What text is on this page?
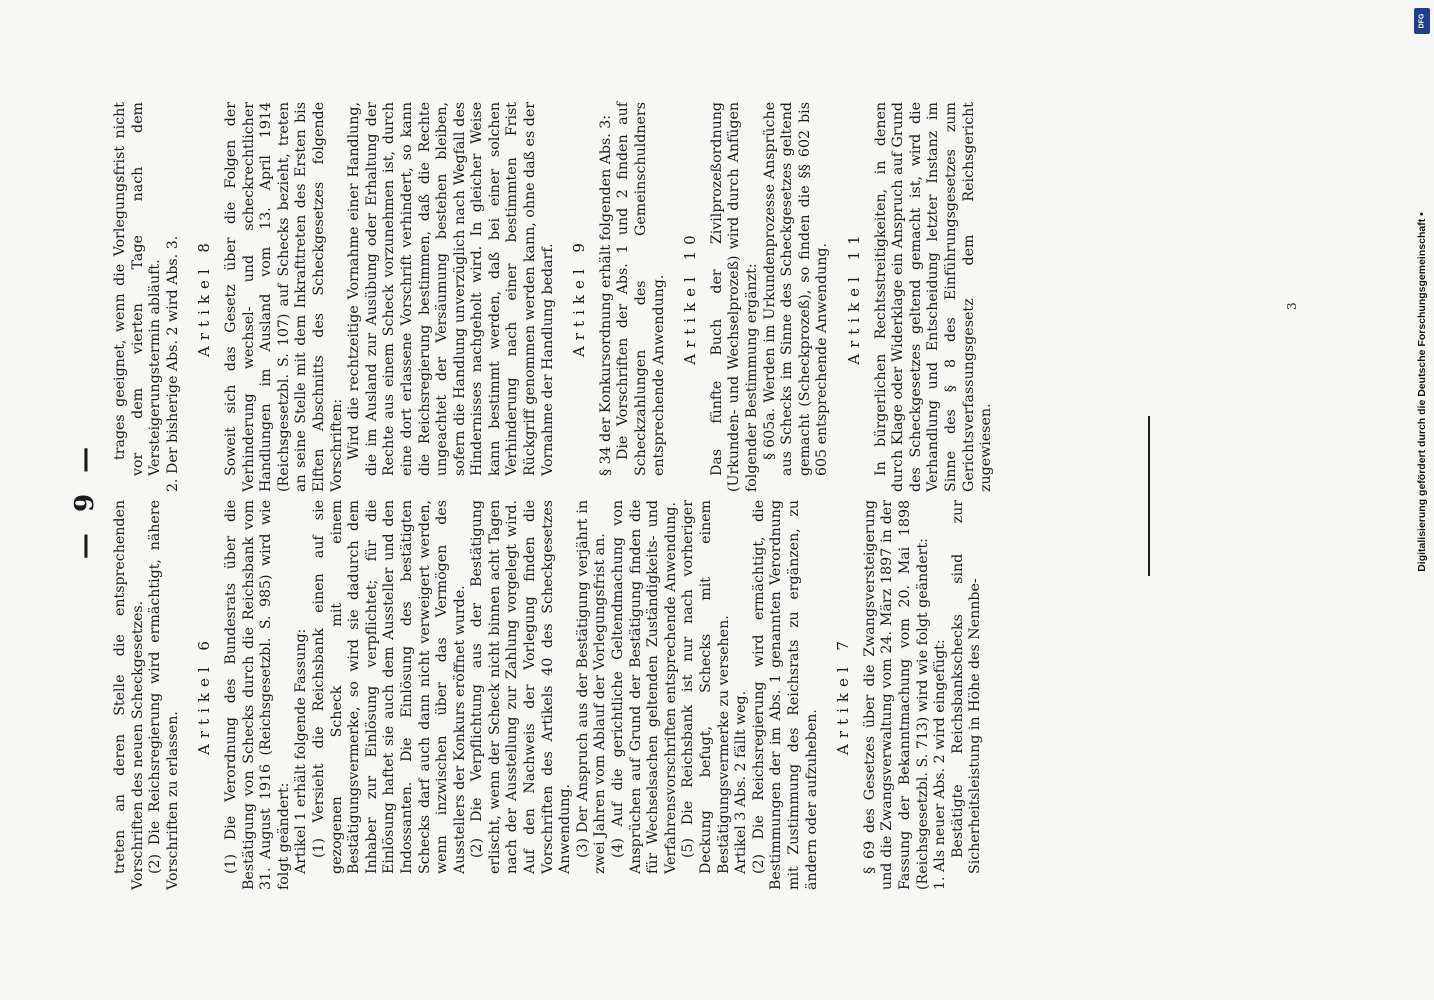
— 9 — treten an deren Stelle die entsprechenden Vorschriften des neuen Scheckgesetzes. (2) Die Reichsregierung wird ermächtigt, nähere Vorschriften zu erlassen.

Artikel 6 (1) Die Verordnung des Bundesrats über die Bestätigung von Schecks durch die Reichsbank vom 31. August 1916 (Reichsgesetzbl. S. 985) wird wie folgt geändert: Artikel 1 erhält folgende Fassung: (1) Versieht die Reichsbank einen auf sie gezogenen Scheck mit einem Bestätigungsvermerke, so wird sie dadurch dem Inhaber zur Einlösung verpflichtet; für die Einlösung haftet sie auch dem Aussteller und den Indossanten. Die Einlösung des bestätigten Schecks darf auch dann nicht verweigert werden, wenn inzwischen über das Vermögen des Ausstellers der Konkurs eröffnet wurde. (2) Die Verpflichtung aus der Bestätigung erlischt, wenn der Scheck nicht binnen acht Tagen nach der Ausstellung zur Zahlung vorgelegt wird. Auf den Nachweis der Vorlegung finden die Vorschriften des Artikels 40 des Scheckgesetzes Anwendung. (3) Der Anspruch aus der Bestätigung verjährt in zwei Jahren vom Ablauf der Vorlegungsfrist an. (4) Auf die gerichtliche Geltendmachung von Ansprüchen auf Grund der Bestätigung finden die für Wechselsachen geltenden Zuständigkeits- und Verfahrensvorschriften entsprechende Anwendung. (5) Die Reichsbank ist nur nach vorheriger Deckung befugt, Schecks mit einem Bestätigungsvermerke zu versehen. Artikel 3 Abs. 2 fällt weg. (2) Die Reichsregierung wird ermächtigt, die Bestimmungen der im Abs. 1 genannten Verordnung mit Zustimmung des Reichsrats zu ergänzen, zu ändern oder aufzuheben.

Artikel 7 § 69 des Gesetzes über die Zwangsversteigerung und die Zwangsverwaltung vom 24. März 1897 in der Fassung der Bekanntmachung vom 20. Mai 1898 (Reichsgesetzbl. S. 713) wird wie folgt geändert: 1. Als neuer Abs. 2 wird eingefügt: Bestätigte Reichsbankschecks sind zur Sicherheitsleistung in Höhe des Nennbe-

trages geeignet, wenn die Vorlegungsfrist nicht vor dem vierten Tage nach dem Versteigerungstermin abläuft. 2. Der bisherige Abs. 2 wird Abs. 3. Artikel 8 Soweit sich das Gesetz über die Folgen der Verhinderung wechsel- und scheckrechtlicher Handlungen im Ausland vom 13. April 1914 (Reichsgesetzbl. S. 107) auf Schecks bezieht, treten an seine Stelle mit dem Inkrafttreten des Ersten bis Elften Abschnitts des Scheckgesetzes folgende Vorschriften: Wird die rechtzeitige Vornahme einer Handlung, die im Ausland zur Ausübung oder Erhaltung der Rechte aus einem Scheck vorzunehmen ist, durch eine dort erlassene Vorschrift verhindert, so kann die Reichsregierung bestimmen, daß die Rechte ungeachtet der Versäumung bestehen bleiben, sofern die Handlung unverzüglich nach Wegfall des Hindernisses nachgeholt wird. In gleicher Weise kann bestimmt werden, daß bei einer solchen Verhinderung nach einer bestimmten Frist Rückgriff genommen werden kann, ohne daß es der Vornahme der Handlung bedarf. Artikel 9 § 34 der Konkursordnung erhält folgenden Abs. 3: Die Vorschriften der Abs. 1 und 2 finden auf Scheckzahlungen des Gemeinschuldners entsprechende Anwendung. Artikel 10 Das fünfte Buch der Zivilprozeßordnung (Urkunden- und Wechselprozeß) wird durch Anfügen folgender Bestimmung ergänzt: § 605a. Werden im Urkundenprozesse Ansprüche aus Schecks im Sinne des Scheckgesetzes geltend gemacht (Scheckprozeß), so finden die §§ 602 bis 605 entsprechende Anwendung. Artikel 11 In bürgerlichen Rechtsstreitigkeiten, in denen durch Klage oder Widerklage ein Anspruch auf Grund des Scheckgesetzes geltend gemacht ist, wird die Verhandlung und Entscheidung letzter Instanz im Sinne des § 8 des Einführungsgesetzes zum Gerichtsverfassungsgesetz dem Reichsgericht zugewiesen.

3
DFG
Digitalisierung gefördert durch die Deutsche Forschungsgemeinschaft •
